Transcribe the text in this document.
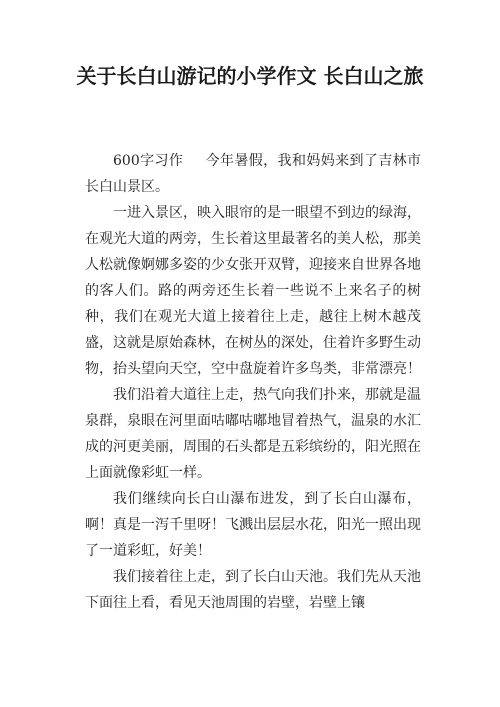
关于长白山游记的小学作文 长白山之旅

600字习作 今年暑假，我和妈妈来到了吉林市长白山景区。

一进入景区，映入眼帘的是一眼望不到边的绿海，在观光大道的两旁，生长着这里最著名的美人松，那美人松就像婀娜多姿的少女张开双臂，迎接来自世界各地的客人们。路的两旁还生长着一些说不上来名子的树种，我们在观光大道上接着往上走，越往上树木越茂盛，这就是原始森林，在树丛的深处，住着许多野生动物，抬头望向天空，空中盘旋着许多鸟类，非常漂亮！

我们沿着大道往上走，热气向我们扑来，那就是温泉群，泉眼在河里面咕嘟咕嘟地冒着热气，温泉的水汇成的河更美丽，周围的石头都是五彩缤纷的，阳光照在上面就像彩虹一样。

我们继续向长白山瀑布进发，到了长白山瀑布，啊！真是一泻千里呀！飞溅出层层水花，阳光一照出现了一道彩虹，好美！

我们接着往上走，到了长白山天池。我们先从天池下面往上看，看见天池周围的岩壁，岩壁上镶
